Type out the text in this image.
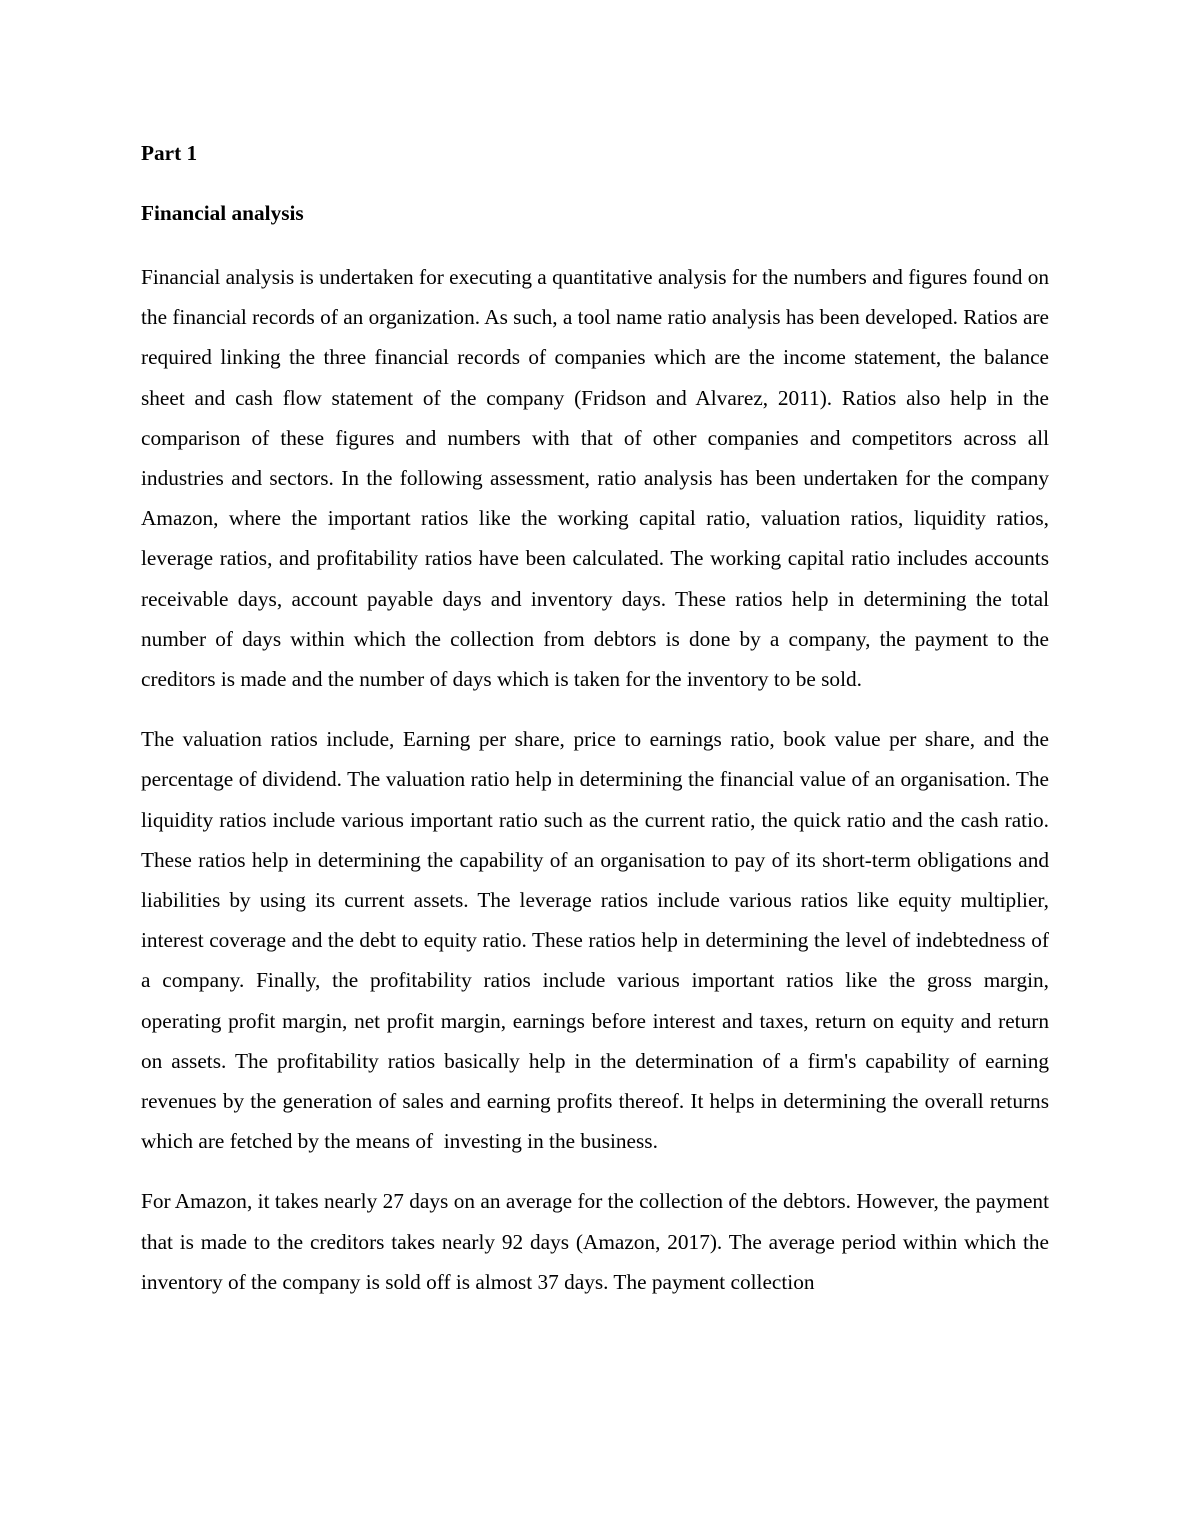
Part 1

Financial analysis

Financial analysis is undertaken for executing a quantitative analysis for the numbers and figures found on the financial records of an organization. As such, a tool name ratio analysis has been developed. Ratios are required linking the three financial records of companies which are the income statement, the balance sheet and cash flow statement of the company (Fridson and Alvarez, 2011). Ratios also help in the comparison of these figures and numbers with that of other companies and competitors across all industries and sectors. In the following assessment, ratio analysis has been undertaken for the company Amazon, where the important ratios like the working capital ratio, valuation ratios, liquidity ratios, leverage ratios, and profitability ratios have been calculated. The working capital ratio includes accounts receivable days, account payable days and inventory days. These ratios help in determining the total number of days within which the collection from debtors is done by a company, the payment to the creditors is made and the number of days which is taken for the inventory to be sold.

The valuation ratios include, Earning per share, price to earnings ratio, book value per share, and the percentage of dividend. The valuation ratio help in determining the financial value of an organisation. The liquidity ratios include various important ratio such as the current ratio, the quick ratio and the cash ratio. These ratios help in determining the capability of an organisation to pay of its short-term obligations and liabilities by using its current assets. The leverage ratios include various ratios like equity multiplier, interest coverage and the debt to equity ratio. These ratios help in determining the level of indebtedness of a company. Finally, the profitability ratios include various important ratios like the gross margin, operating profit margin, net profit margin, earnings before interest and taxes, return on equity and return on assets. The profitability ratios basically help in the determination of a firm's capability of earning revenues by the generation of sales and earning profits thereof. It helps in determining the overall returns which are fetched by the means of  investing in the business.

For Amazon, it takes nearly 27 days on an average for the collection of the debtors. However, the payment that is made to the creditors takes nearly 92 days (Amazon, 2017). The average period within which the inventory of the company is sold off is almost 37 days. The payment collection
